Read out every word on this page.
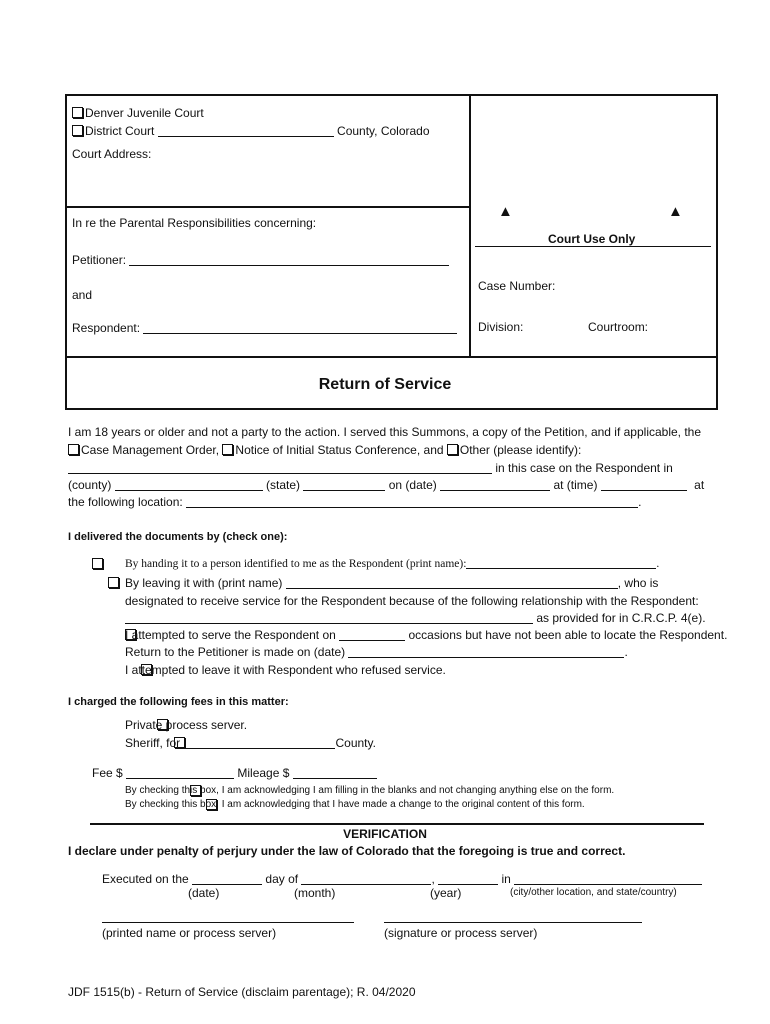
Denver Juvenile Court
District Court	County, Colorado
Court Address:
In re the Parental Responsibilities concerning:
Petitioner:
and
Respondent:
▲	▲
Court Use Only
Case Number:
Division:	Courtroom:
Return of Service
I am 18 years or older and not a party to the action. I served this Summons, a copy of the Petition, and if applicable, the
Case Management Order, Notice of Initial Status Conference, and Other (please identify):
in this case on the Respondent in
(county)	(state)	on (date)	at (time)	at
the following location:	.
I delivered the documents by (check one):

By handing it to a person identified to me as the Respondent (print name):	.

By leaving it with (print name)	, who is
designated to receive service for the Respondent because of the following relationship with the Respondent:
as provided for in C.R.C.P. 4(e).

I attempted to serve the Respondent on	occasions but have not been able to locate the Respondent.
Return to the Petitioner is made on (date)	.

I attempted to leave it with Respondent who refused service.
I charged the following fees in this matter:

Private process server.

Sheriff, for	County.
Fee $	Mileage $

By checking this box, I am acknowledging I am filling in the blanks and not changing anything else on the form.
By checking this box, I am acknowledging that I have made a change to the original content of this form.
VERIFICATION
I declare under penalty of perjury under the law of Colorado that the foregoing is true and correct.
Executed on the	day of	,	in
(date)	(month)	(year)	(city/other location, and state/country)
(printed name or process server)	(signature or process server)
JDF 1515(b) - Return of Service (disclaim parentage); R. 04/2020
